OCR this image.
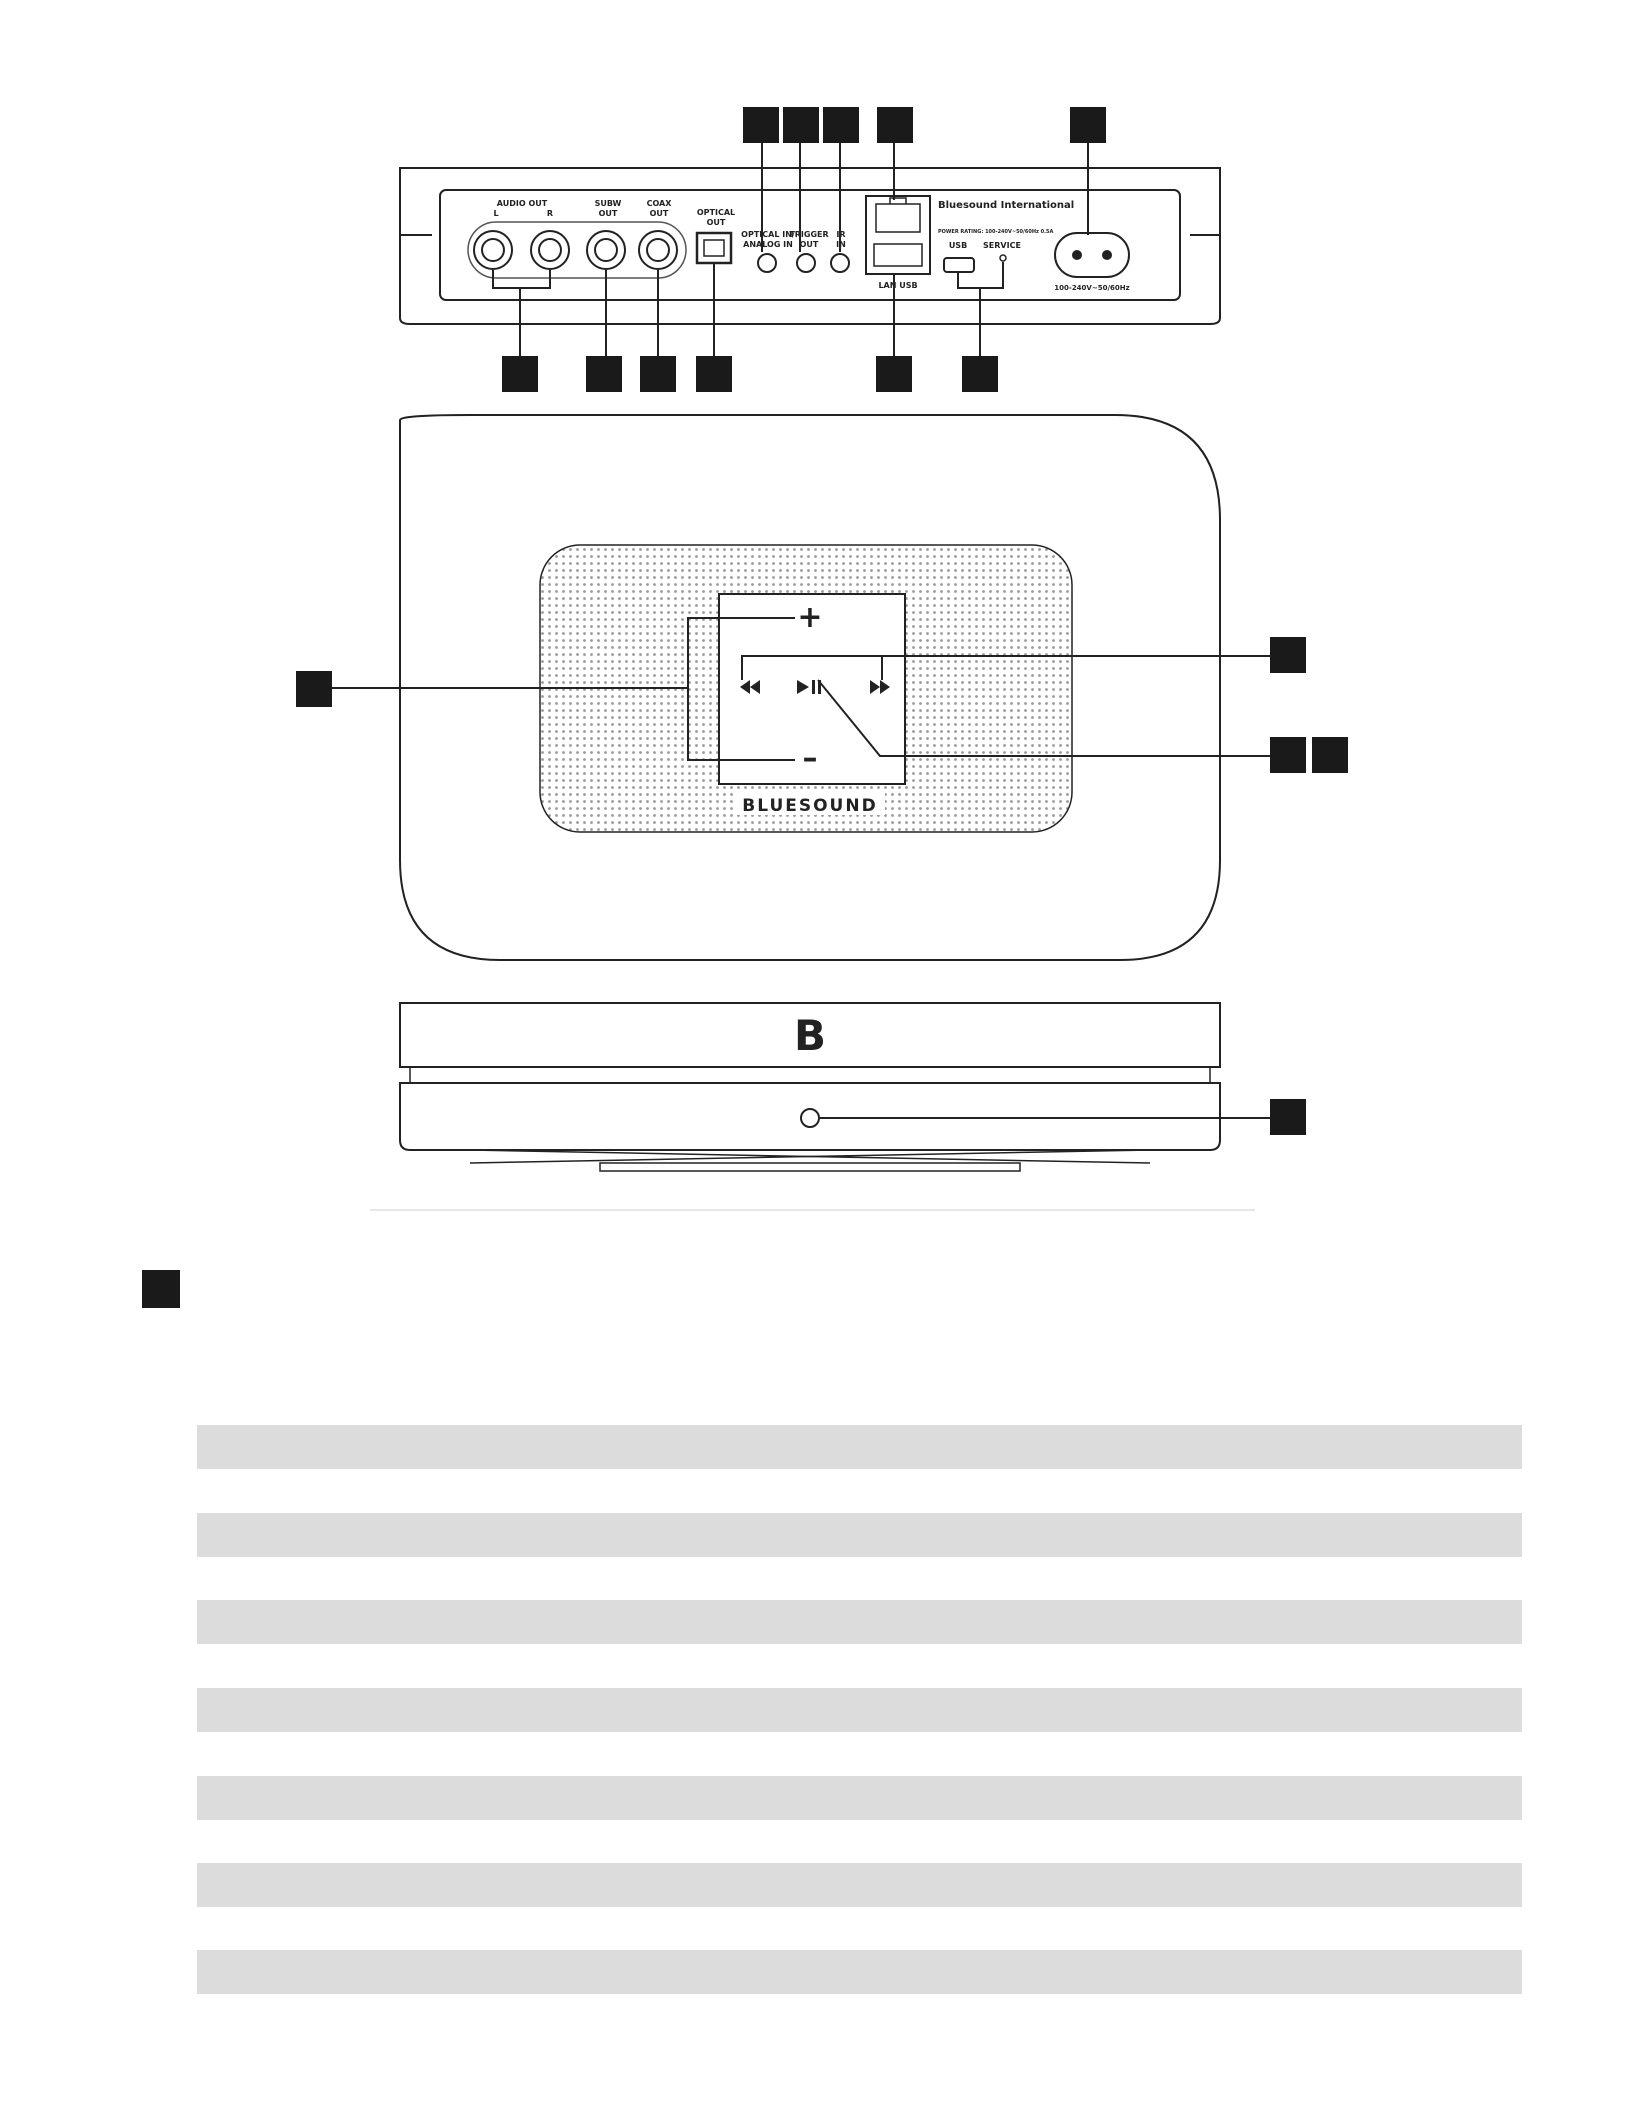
AUDIO OUT
L	R
SUBW
OUT
COAX
OUT	OPTICAL
OUT
OPTICAL IN/
ANALOG IN
TRIGGER
OUT
IR
IN
LAN USB
Bluesound International
POWER RATING: 100-240V~50/60Hz 0.5A
USB SERVICE
100-240V~50/60Hz
+
–
BLUESOUND
B
